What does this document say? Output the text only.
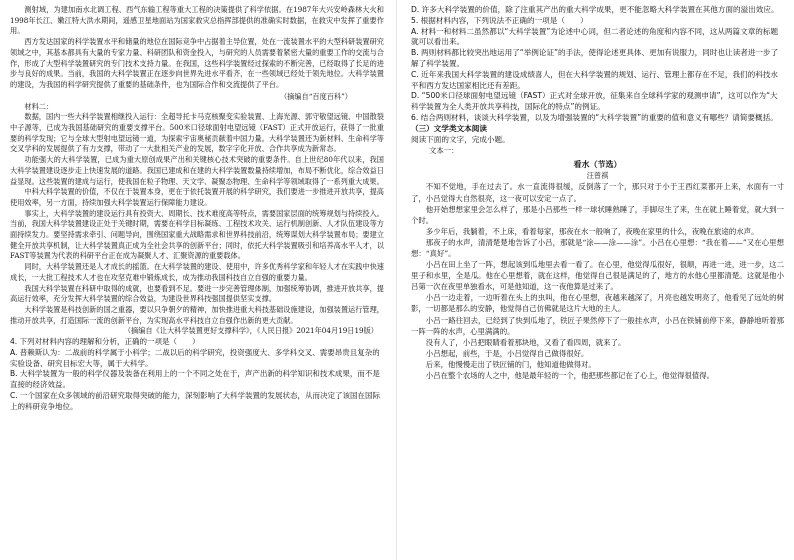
测射域，为建加南水北调工程、西气东输工程等重大工程的决策提供了科学依据。在1987年大兴安岭森林大火和1998年长江、嫩江特大洪水期间，遥感卫星地面站为国家救灾总指挥部提供的准确实时数据，在救灾中发挥了重要作用。

西方发达国家的科学装置水平和储量的地位在国际竞争中占据着主导位置，处在一流装置水平的大型科研装置研究领域之中，其基本都具有大量的专家力量、科研团队和资金投入，与研究的人员需要着紧密大量的重要工作的交流与合作，形成了大型科学装置研究的专门技术支持力量。在我国，这些科学装置经过探索的不断完善，已经取得了长足的进步与良好的成果。当前，我国的大科学装置正在逐步向世界先进水平看齐，在一些领域已经处于领先地位。大科学装置的建设，为我国的科学研究提供了重要的基础条件，也为国际合作和交流提供了平台。

（摘编自“百度百科”）

材料二：

数据，国内一些大科学装置相继投入运行：全超导托卡马克核聚变实验装置、上海光源、郭守敬望远镜、中国散裂中子源等，已成为我国基础研究的重要支撑平台。500米口径球面射电望远镜（FAST）正式开放运行，获得了一批重要的科学发现；它与全球大型射电望远镜一道，为探索宇宙奥秘贡献着中国力量。大科学装置还为新材料、生命科学等交叉学科的发展提供了有力支撑，带动了一大批相关产业的发展，数字字化开放、合作共享成为新常态。

功能强大的大科学装置，已成为重大原创成果产出和关键核心技术突破的重要条件。自上世纪80年代以来，我国大科学装置建设逐步走上快速发展的道路。我国已建成和在建的大科学装置数量持续增加，布局不断优化，综合效益日益显现。这些装置的建成与运行，使我国在粒子物理、天文学、凝聚态物理、生命科学等领域取得了一系列重大成果。

中科大科学装置的价值，不仅在于装置本身，更在于依托装置开展的科学研究，我们要进一步推进开放共享，提高使用效率，另一方面，持续加强大科学装置运行保障能力建设。

事实上，大科学装置的建设运行具有投资大、周期长、技术难度高等特点，需要国家层面的统筹规划与持续投入。当前，我国大科学装置建设正处于关键时期，需要在科学目标凝练、工程技术攻关、运行机制创新、人才队伍建设等方面持续发力。要坚持需求牵引、问题导向，围绕国家重大战略需求和世界科技前沿，统筹谋划大科学装置布局；要建立健全开放共享机制，让大科学装置真正成为全社会共享的创新平台；同时，依托大科学装置吸引和培养高水平人才，以FAST等装置为代表的科研平台正在成为凝聚人才、汇聚资源的重要载体。

同时，大科学装置还是人才成长的摇篮。在大科学装置的建设、使用中，许多优秀科学家和年轻人才在实践中快速成长，一大批工程技术人才也在攻坚克难中锻炼成长，成为推动我国科技自立自强的重要力量。

我国大科学装置在科研中取得的成就，也要看到不足。要进一步完善管理体制，加强统筹协调，推进开放共享，提高运行效率，充分发挥大科学装置的综合效益，为建设世界科技强国提供坚实支撑。

大科学装置是科技创新的国之重器，要以只争朝夕的精神，加快推进重大科技基础设施建设，加强装置运行管理，推动开放共享，打造国际一流的创新平台，为实现高水平科技自立自强作出新的更大贡献。

（摘编自《让大科学装置更好支撑科学》，《人民日报》2021年04月19日19版）

4. 下列对材料内容的理解和分析，正确的一项是（　　）

A. 普赖斯认为：二战前的科学属于小科学；二战以后的科学研究，投资强度大、多学科交叉、需要昂贵且复杂的实验设备、研究目标宏大等，属于大科学。

B. 大科学装置为一般的科学仪器及装备在利用上的一个不同之处在于，声产出新的科学知识和技术成果，而不是直接的经济效益。

C. 一个国家在众多领域的前沿研究取得突破的能力，深刻影响了大科学装置的发展状态，从而决定了该国在国际上的科研竞争地位。

D. 许多大科学装置的价值，除了注重其产出的重大科学成果，更不能忽略大科学装置在其他方面的溢出效应。

5. 根据材料内容，下列说法不正确的一项是（　　）

A. 材料一和材料二虽然都以“大科学装置”为论述中心词，但二者论述的角度和内容不同，这从两篇文章的标题就可以看出来。

B. 两则材料都比较突出地运用了“举例论证”的手法，使得论述更具体、更加有说服力，同时也让读者进一步了解了科学装置。

C. 近年来我国大科学装置的建设成绩喜人，但在大科学装置的规划、运行、管理上都存在不足，我们的科技水平和西方发达国家相比还有差距。

D. “500米口径球面射电望远镜（FAST）正式对全球开放，征集来自全球科学家的观测申请”，这可以作为“大科学装置为全人类开放共享科技，国际化的特点”的例证。

6. 结合两则材料，谈谈大科学装置，以及为增强装置的“大科学装置”的重要的值和意义有哪些？请简要概括。

（三）文学类文本阅读

阅读下面的文字，完成小题。

文本一：

看水（节选）

汪曾祺

不知不觉地，手在过去了。水一直流得很缓，反倒落了一个，那只对于小于王西红菜都开上来，水面有一寸了，小吕觉得大自然很亮，这一夜可以安定一点了。

他开始想想家里会怎么样了，那是小吕那些一样一球状睡熟睡了，手脚尽生了来，生在就上睡着觉，就大到一个时。

多少年后，我躺着，不上床，看着每家，那夜在水一般响了，夜晚在家里的什么，夜晚在旅途的水声。

那夜子的水声，清清楚楚地告诉了小吕，那就是“涂——涂——涂”。小吕在心里想：“我在着——”又在心里想想：“真好”。

小吕在田上坐了一阵，想起该到瓜地里去看一看了。在心里，他觉得瓜很好，很顺，再进一进，进一步，这二里子和水里，全是瓜。他在心里想着，就在这样，他觉得自己很是满足的了，地方的水他心里都清楚。这就是他小吕第一次在夜里单独看水，可是他知道，这一夜他算是过来了。

小吕一边走着，一边听着在头上的虫叫，他在心里想，夜越来越深了，月亮也越发明亮了，他看见了远处的树影，一切都是那么的安静，他觉得自己仿佛就是这片大地的主人。

小吕一路往回去，已经到了快到瓜地了，铁匠子果然停下了一般挂水声，小吕在铁铺前停下来，静静地听着那一阵一阵的水声，心里满满的。

没有人了，小吕把眼睛看着那块地，又看了看四周，就来了。

小吕想起，前些，于是，小吕觉得自己做得很好。

后来，他慢慢走出了铁匠铺的门，他知道他做得对。

小吕在整个农场的人之中，他是最年轻的一个，他把那些都记在了心上，他觉得很值得。
